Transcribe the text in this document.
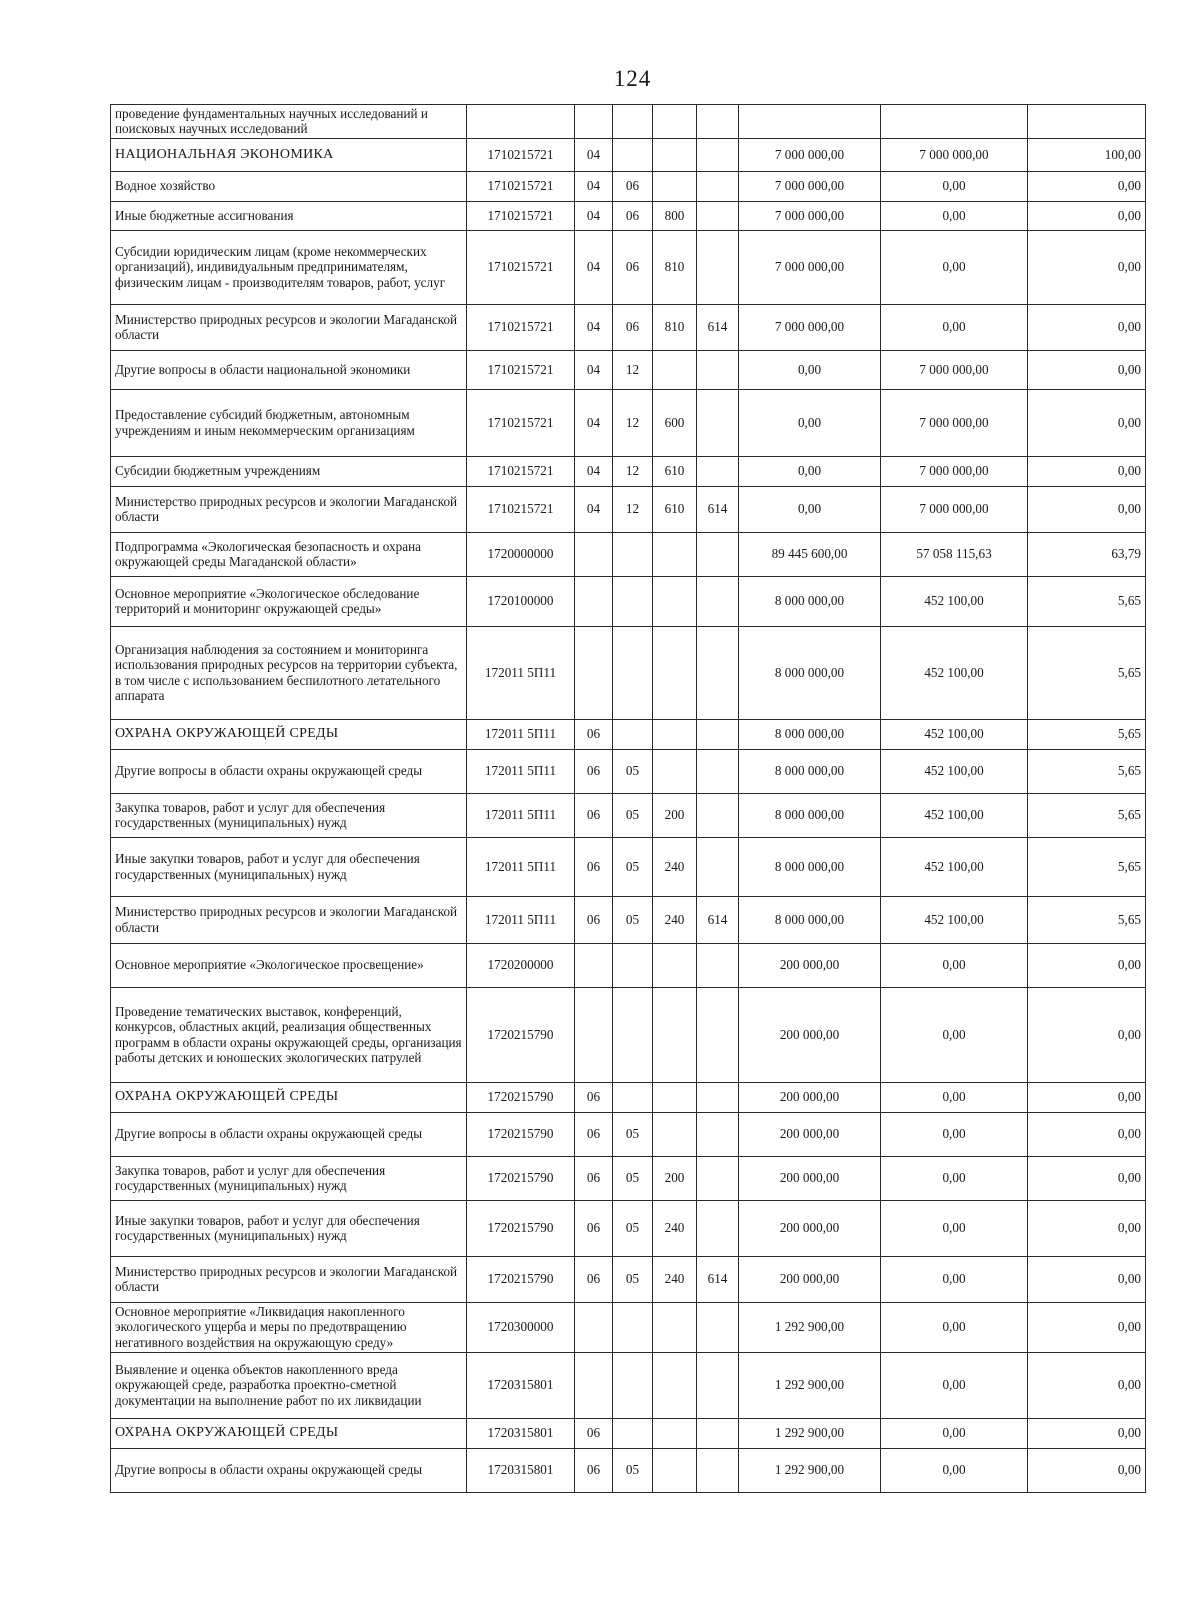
124
проведение фундаментальных научных исследований и поисковых научных исследований								
НАЦИОНАЛЬНАЯ ЭКОНОМИКА	1710215721	04				7 000 000,00	7 000 000,00	100,00
Водное хозяйство	1710215721	04	06			7 000 000,00	0,00	0,00
Иные бюджетные ассигнования	1710215721	04	06	800		7 000 000,00	0,00	0,00
Субсидии юридическим лицам (кроме некоммерческих организаций), индивидуальным предпринимателям, физическим лицам - производителям товаров, работ, услуг	1710215721	04	06	810		7 000 000,00	0,00	0,00
Министерство природных ресурсов и экологии Магаданской области	1710215721	04	06	810	614	7 000 000,00	0,00	0,00
Другие вопросы в области национальной экономики	1710215721	04	12			0,00	7 000 000,00	0,00
Предоставление субсидий бюджетным, автономным учреждениям и иным некоммерческим организациям	1710215721	04	12	600		0,00	7 000 000,00	0,00
Субсидии бюджетным учреждениям	1710215721	04	12	610		0,00	7 000 000,00	0,00
Министерство природных ресурсов и экологии Магаданской области	1710215721	04	12	610	614	0,00	7 000 000,00	0,00
Подпрограмма «Экологическая безопасность и охрана окружающей среды Магаданской области»	1720000000					89 445 600,00	57 058 115,63	63,79
Основное мероприятие «Экологическое обследование территорий и мониторинг окружающей среды»	1720100000					8 000 000,00	452 100,00	5,65
Организация наблюдения за состоянием и мониторинга использования природных ресурсов на территории субъекта, в том числе с использованием беспилотного летательного аппарата	172011 5П11					8 000 000,00	452 100,00	5,65
ОХРАНА ОКРУЖАЮЩЕЙ СРЕДЫ	172011 5П11	06				8 000 000,00	452 100,00	5,65
Другие вопросы в области охраны окружающей среды	172011 5П11	06	05			8 000 000,00	452 100,00	5,65
Закупка товаров, работ и услуг для обеспечения государственных (муниципальных) нужд	172011 5П11	06	05	200		8 000 000,00	452 100,00	5,65
Иные закупки товаров, работ и услуг для обеспечения государственных (муниципальных) нужд	172011 5П11	06	05	240		8 000 000,00	452 100,00	5,65
Министерство природных ресурсов и экологии Магаданской области	172011 5П11	06	05	240	614	8 000 000,00	452 100,00	5,65
Основное мероприятие «Экологическое просвещение»	1720200000					200 000,00	0,00	0,00
Проведение тематических выставок, конференций, конкурсов, областных акций, реализация общественных программ в области охраны окружающей среды, организация работы детских и юношеских экологических патрулей	1720215790					200 000,00	0,00	0,00
ОХРАНА ОКРУЖАЮЩЕЙ СРЕДЫ	1720215790	06				200 000,00	0,00	0,00
Другие вопросы в области охраны окружающей среды	1720215790	06	05			200 000,00	0,00	0,00
Закупка товаров, работ и услуг для обеспечения государственных (муниципальных) нужд	1720215790	06	05	200		200 000,00	0,00	0,00
Иные закупки товаров, работ и услуг для обеспечения государственных (муниципальных) нужд	1720215790	06	05	240		200 000,00	0,00	0,00
Министерство природных ресурсов и экологии Магаданской области	1720215790	06	05	240	614	200 000,00	0,00	0,00
Основное мероприятие «Ликвидация накопленного экологического ущерба и меры по предотвращению негативного воздействия на окружающую среду»	1720300000					1 292 900,00	0,00	0,00
Выявление и оценка объектов накопленного вреда окружающей среде, разработка проектно-сметной документации на выполнение работ по их ликвидации	1720315801					1 292 900,00	0,00	0,00
ОХРАНА ОКРУЖАЮЩЕЙ СРЕДЫ	1720315801	06				1 292 900,00	0,00	0,00
Другие вопросы в области охраны окружающей среды	1720315801	06	05			1 292 900,00	0,00	0,00
